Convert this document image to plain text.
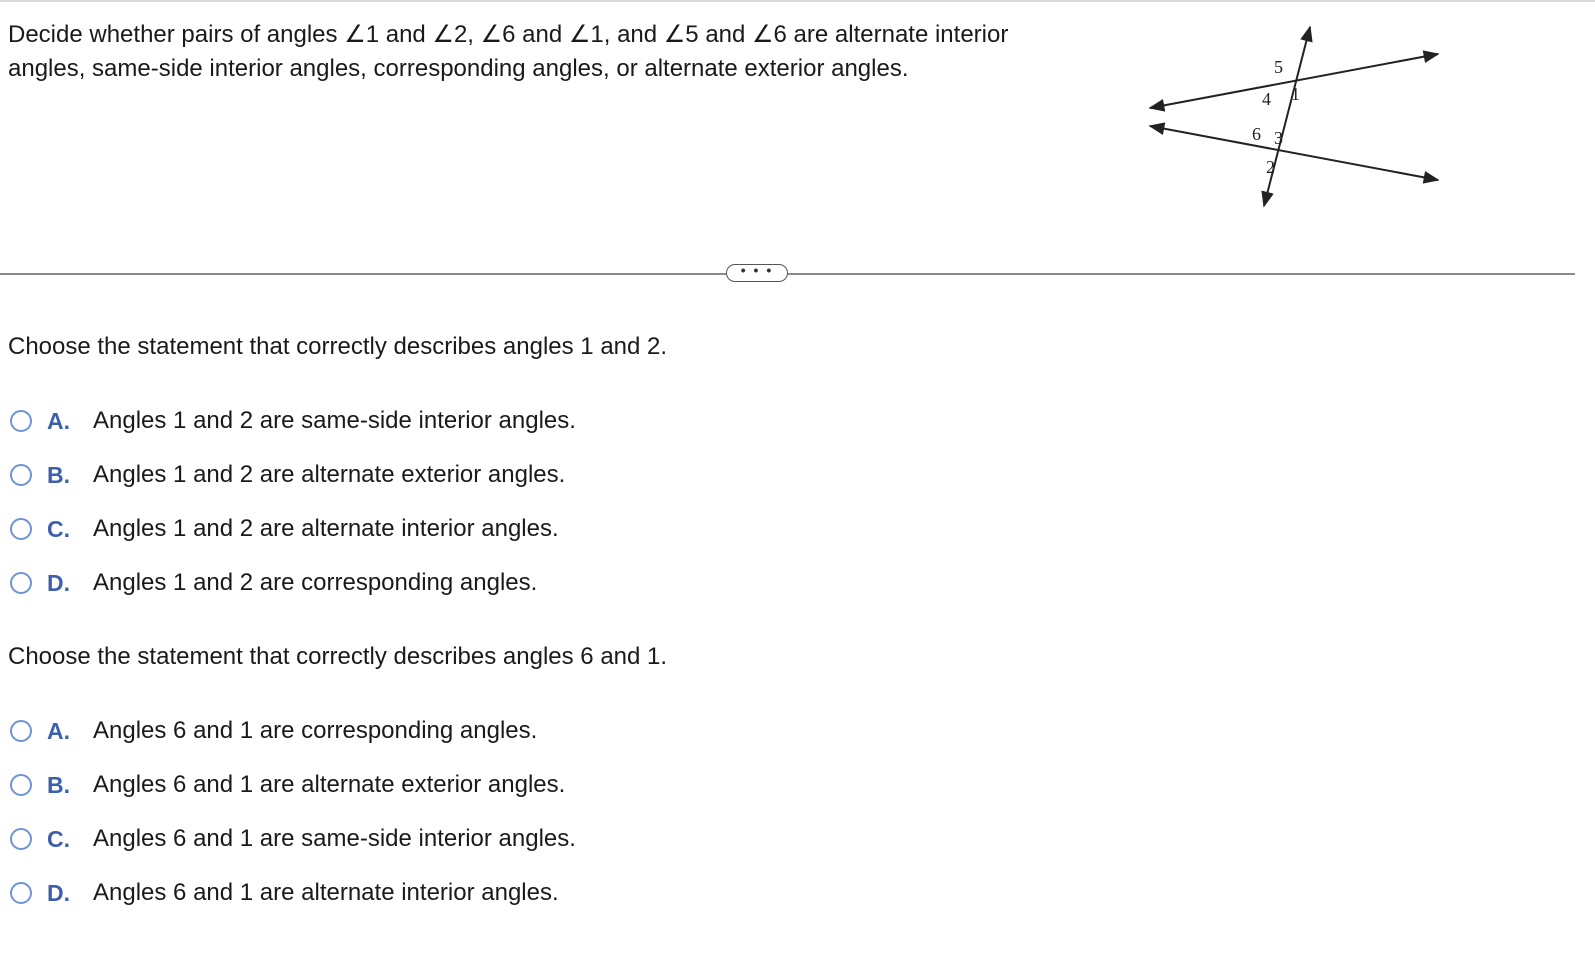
Decide whether pairs of angles ∠1 and ∠2, ∠6 and ∠1, and ∠5 and ∠6 are alternate interior angles, same-side interior angles, corresponding angles, or alternate exterior angles.	5
4 1
6 3
2
• • •

Choose the statement that correctly describes angles 1 and 2.

A. Angles 1 and 2 are same-side interior angles.
B. Angles 1 and 2 are alternate exterior angles.
C. Angles 1 and 2 are alternate interior angles.
D. Angles 1 and 2 are corresponding angles.

Choose the statement that correctly describes angles 6 and 1.

A. Angles 6 and 1 are corresponding angles.
B. Angles 6 and 1 are alternate exterior angles.
C. Angles 6 and 1 are same-side interior angles.
D. Angles 6 and 1 are alternate interior angles.
